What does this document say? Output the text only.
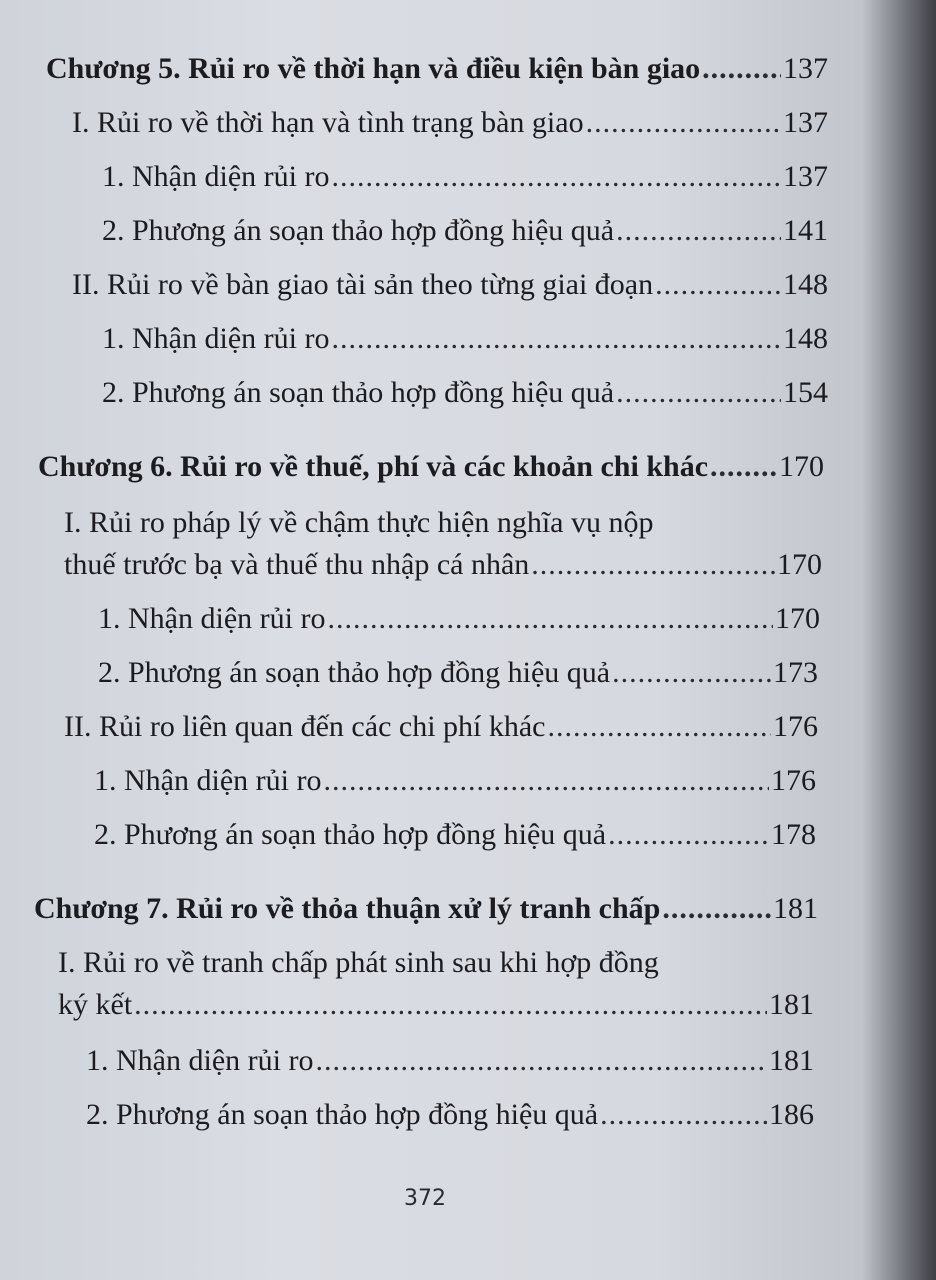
Chương 5. Rủi ro về thời hạn và điều kiện bàn giao .....	137
I. Rủi ro về thời hạn và tình trạng bàn giao .....	137
1. Nhận diện rủi ro .....	137
2. Phương án soạn thảo hợp đồng hiệu quả .....	141
II. Rủi ro về bàn giao tài sản theo từng giai đoạn .....	148
1. Nhận diện rủi ro .....	148
2. Phương án soạn thảo hợp đồng hiệu quả .....	154
Chương 6. Rủi ro về thuế, phí và các khoản chi khác ..... 170
I. Rủi ro pháp lý về chậm thực hiện nghĩa vụ nộp
thuế trước bạ và thuế thu nhập cá nhân .....	170
1. Nhận diện rủi ro .....	170
2. Phương án soạn thảo hợp đồng hiệu quả .....	173
II. Rủi ro liên quan đến các chi phí khác .....	176
1. Nhận diện rủi ro .....	176
2. Phương án soạn thảo hợp đồng hiệu quả .....	178
Chương 7. Rủi ro về thỏa thuận xử lý tranh chấp .....	181
I. Rủi ro về tranh chấp phát sinh sau khi hợp đồng
ký kết .....	181
1. Nhận diện rủi ro .....	181
2. Phương án soạn thảo hợp đồng hiệu quả .....	186
372
